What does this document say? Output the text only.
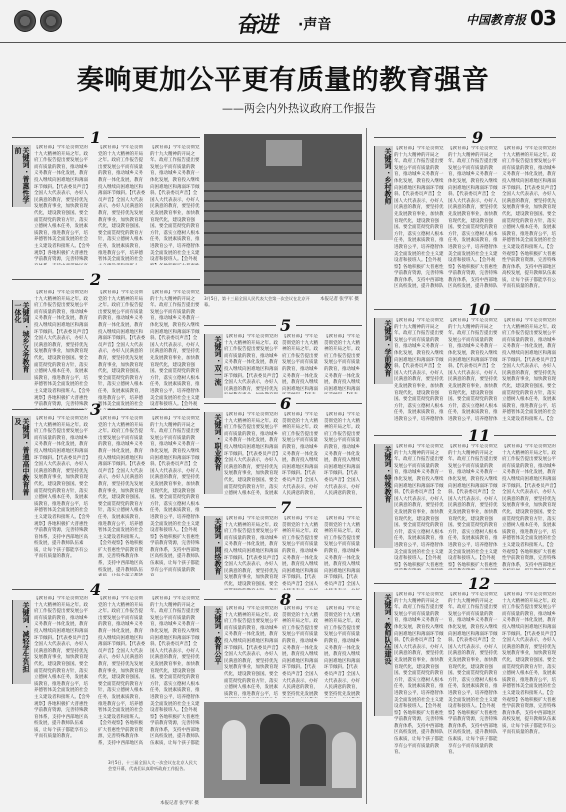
奋进 ·声音	中国教育报 03
奏响更加公平更有质量的教育强音
——两会内外热议政府工作报告
1
关键词 · 普惠性学前	【教育部】今年是贯彻党的十九大精神的开局之年。政府工作报告提出要发展公平而有质量的教育，推动城乡义务教育一体化发展，教育投入继续向困难地区和薄弱环节倾斜。【代表委员声音】全国人大代表表示，办好人民满意的教育，要坚持优先发展教育事业，加快教育现代化，建设教育强国。要全面贯彻党的教育方针，落实立德树人根本任务，发展素质教育，推进教育公平，培养德智体美全面发展的社会主义建设者和接班人。【会外观察】各地积极扩大普惠性学前教育资源，完善特殊教
【教育部】今年是贯彻党的十九大精神的开局之年。政府工作报告提出要发展公平而有质量的教育，推动城乡义务教育一体化发展，教育投入继续向困难地区和薄弱环节倾斜。【代表委员声音】全国人大代表表示，办好人民满意的教育，要坚持优先发展教育事业，加快教育现代化，建设教育强国。要全面贯彻党的教育方针，落实立德树人根本任务，发展素质教育，推进教育公平，培养德智体美全面发展的社会
【教育部】今年是贯彻党的十九大精神的开局之年。政府工作报告提出要发展公平而有质量的教育，推动城乡义务教育一体化发展，教育投入继续向困难地区和薄弱环节倾斜。【代表委员声音】全国人大代表表示，办好人民满意的教育，要坚持优先发展教育事业，加快教育现代化，建设教育强国。要全面贯彻党的教育方针，落实立德树人根本任务，发展素质教育，推进教育公平，培养德智体美全面发展的社会主义建设者和接班人。【会外观
3月5日，第十三届全国人民代表大会第一次会议在北京开幕。
本报记者 张学军 摄
2
关键词 · 城乡义务教育一体化
【教育部】今年是贯彻党的十九大精神的开局之年。政府工作报告提出要发展公平而有质量的教育，推动城乡义务教育一体化发展，教育投入继续向困难地区和薄弱环节倾斜。【代表委员声音】全国人大代表表示，办好人民满意的教育，要坚持优先发展教育事业，加快教育现代化，建设教育强国。要全面贯彻党的教育方针，落实立德树人根本任务，发展素质教育，推进教育公平，培养德智体美全面发展的社会主义建设者和接班人。【会外观察】各地积极扩大普惠性学前教育资源，完善特殊教
【教育部】今年是贯彻党的十九大精神的开局之年。政府工作报告提出要发展公平而有质量的教育，推动城乡义务教育一体化发展，教育投入继续向困难地区和薄弱环节倾斜。【代表委员声音】全国人大代表表示，办好人民满意的教育，要坚持优先发展教育事业，加快教育现代化，建设教育强国。要全面贯彻党的教育方针，落实立德树人根本任务，发展素质教育，推进教育公平，培养德智体美全面发展的社会
【教育部】今年是贯彻党的十九大精神的开局之年。政府工作报告提出要发展公平而有质量的教育，推动城乡义务教育一体化发展，教育投入继续向困难地区和薄弱环节倾斜。【代表委员声音】全国人大代表表示，办好人民满意的教育，要坚持优先发展教育事业，加快教育现代化，建设教育强国。要全面贯彻党的教育方针，落实立德树人根本任务，发展素质教育，推进教育公平，培养德智体美全面发展的社会主义建设者和接班人。【会外观
5
关键词 · 双一流 【教育部】今年是贯彻党的十九大精神的开局之年。政府工作报告提出要发展公平而有质量的教育，推动城乡义务教育一体化发展，教育投入继续向困难地区和薄弱环节倾斜。【代表委员声音】全国人大代表表示，办好人民满意的教育，要坚持优先
【教育部】今年是贯彻党的十九大精神的开局之年。政府工作报告提出要发展公平而有质量的教育，推动城乡义务教育一体化发展，教育投入继续向困难地区和薄弱
【教育部】今年是贯彻党的十九大精神的开局之年。政府工作报告提出要发展公平而有质量的教育，推动城乡义务教育一体化发展，教育投入继续向困难地区和薄弱
6
关键词 · 职业教育 【教育部】今年是贯彻党的十九大精神的开局之年。政府工作报告提出要发展公平而有质量的教育，推动城乡义务教育一体化发展，教育投入继续向困难地区和薄弱环节倾斜。【代表委员声音】全国人大代表表示，办好人民满意的教育，要坚持优先发展教育事业，加快教育现代化，建设教育强国。要全面贯彻党的教育方针，落实立德树人根本任务，发展素
【教育部】今年是贯彻党的十九大精神的开局之年。政府工作报告提出要发展公平而有质量的教育，推动城乡义务教育一体化发展，教育投入继续向困难地区和薄弱环节倾斜。【代表委员声音】全国人大代表表示，办好人民满意的教育，
【教育部】今年是贯彻党的十九大精神的开局之年。政府工作报告提出要发展公平而有质量的教育，推动城乡义务教育一体化发展，教育投入继续向困难地区和薄弱环节倾斜。【代表委员声音】全国人大代表表示，办好人民满意的教育，
3
关键词 · 普通高中教育普及	【教育部】今年是贯彻党的十九大精神的开局之年。政府工作报告提出要发展公平而有质量的教育，推动城乡义务教育一体化发展，教育投入继续向困难地区和薄弱环节倾斜。【代表委员声音】全国人大代表表示，办好人民满意的教育，要坚持优先发展教育事业，加快教育现代化，建设教育强国。要全面贯彻党的教育方针，落实立德树人根本任务，发展素质教育，推进教育公平，培养德智体美全面发展的社会主义建设者和接班人。【会外观察】各地积极扩大普惠性学前教育资源，完善特殊教育体系，支持中西部地区高校发展，提升教师队伍素质，让每个孩子都能享有公平而有质量的教育。
【教育部】今年是贯彻党的十九大精神的开局之年。政府工作报告提出要发展公平而有质量的教育，推动城乡义务教育一体化发展，教育投入继续向困难地区和薄弱环节倾斜。【代表委员声音】全国人大代表表示，办好人民满意的教育，要坚持优先发展教育事业，加快教育现代化，建设教育强国。要全面贯彻党的教育方针，落实立德树人根本任务，发展素质教育，推进教育公平，培养德智体美全面发展的社会主义建设者和接班人。【会外观察】各地积极扩大普惠性学前教育资源，完善特殊教育体系，支持中西部地区高校发展，提升教师队伍
【教育部】今年是贯彻党的十九大精神的开局之年。政府工作报告提出要发展公平而有质量的教育，推动城乡义务教育一体化发展，教育投入继续向困难地区和薄弱环节倾斜。【代表委员声音】全国人大代表表示，办好人民满意的教育，要坚持优先发展教育事业，加快教育现代化，建设教育强国。要全面贯彻党的教育方针，落实立德树人根本任务，发展素质教育，推进教育公平，培养德智体美全面发展的社会主义建设者和接班人。【会外观察】各地积极扩大普惠性学前教育资源，完善特殊教育体系，支持中西部地区高校发展，提升教师队伍素质，让每个孩子都能享有公平而有质量的教
7
关键词 · 网络教育 【教育部】今年是贯彻党的十九大精神的开局之年。政府工作报告提出要发展公平而有质量的教育，推动城乡义务教育一体化发展，教育投入继续向困难地区和薄弱环节倾斜。【代表委员声音】全国人大代表表示，办好人民满意的教育，要坚持优先发展教育事业，加快教育现代化，建设教育强国。要全
【教育部】今年是贯彻党的十九大精神的开局之年。政府工作报告提出要发展公平而有质量的教育，推动城乡义务教育一体化发展，教育投入继续向困难地区和薄弱环节倾斜。【代表委员声音】全国人
【教育部】今年是贯彻党的十九大精神的开局之年。政府工作报告提出要发展公平而有质量的教育，推动城乡义务教育一体化发展，教育投入继续向困难地区和薄弱环节倾斜。【代表委员声音】全国人
4
关键词 · 减轻学生负担
【教育部】今年是贯彻党的十九大精神的开局之年。政府工作报告提出要发展公平而有质量的教育，推动城乡义务教育一体化发展，教育投入继续向困难地区和薄弱环节倾斜。【代表委员声音】全国人大代表表示，办好人民满意的教育，要坚持优先发展教育事业，加快教育现代化，建设教育强国。要全面贯彻党的教育方针，落实立德树人根本任务，发展素质教育，推进教育公平，培养德智体美全面发展的社会主义建设者和接班人。【会外观察】各地积极扩大普惠性学前教育资源，完善特殊教育体系，支持中西部地区高校发展，提升教师队伍素质，让每个孩子都能享有公平而有质量的教育。
【教育部】今年是贯彻党的十九大精神的开局之年。政府工作报告提出要发展公平而有质量的教育，推动城乡义务教育一体化发展，教育投入继续向困难地区和薄弱环节倾斜。【代表委员声音】全国人大代表表示，办好人民满意的教育，要坚持优先发展教育事业，加快教育现代化，建设教育强国。要全面贯彻党的教育方针，落实立德树人根本任务，发展素质教育，推进教育公平，培养德智体美全面发展的社会主义建设者和接班人。【会外观察】各地积极扩大普惠性学前教育资源，完善特殊教育体系，支持中西部地区高
【教育部】今年是贯彻党的十九大精神的开局之年。政府工作报告提出要发展公平而有质量的教育，推动城乡义务教育一体化发展，教育投入继续向困难地区和薄弱环节倾斜。【代表委员声音】全国人大代表表示，办好人民满意的教育，要坚持优先发展教育事业，加快教育现代化，建设教育强国。要全面贯彻党的教育方针，落实立德树人根本任务，发展素质教育，推进教育公平，培养德智体美全面发展的社会主义建设者和接班人。【会外观察】各地积极扩大普惠性学前教育资源，完善特殊教育体系，支持中西部地区高校发展，提升教师队伍素质，让每个孩子都能
3月5日，十三届全国人大一次会议在北京人民大会堂开幕，代表们认真聆听政府工作报告。
8
关键词 · 教育公平 【教育部】今年是贯彻党的十九大精神的开局之年。政府工作报告提出要发展公平而有质量的教育，推动城乡义务教育一体化发展，教育投入继续向困难地区和薄弱环节倾斜。【代表委员声音】全国人大代表表示，办好人民满意的教育，要坚持优先发展教育事业，加快教育现代化，建设教育强国。要全面贯彻党的教育方针，落实立德树人根本任务，发展素质教育，推进教育公平，培
【教育部】今年是贯彻党的十九大精神的开局之年。政府工作报告提出要发展公平而有质量的教育，推动城乡义务教育一体化发展，教育投入继续向困难地区和薄弱环节倾斜。【代表委员声音】全国人大代表表示，办好人民满意的教育，要坚持优先发展教
【教育部】今年是贯彻党的十九大精神的开局之年。政府工作报告提出要发展公平而有质量的教育，推动城乡义务教育一体化发展，教育投入继续向困难地区和薄弱环节倾斜。【代表委员声音】全国人大代表表示，办好人民满意的教育，要坚持优先发展教
本报记者 张学军 摄
9
关键词 · 乡村教师 【教育部】今年是贯彻党的十九大精神的开局之年。政府工作报告提出要发展公平而有质量的教育，推动城乡义务教育一体化发展，教育投入继续向困难地区和薄弱环节倾斜。【代表委员声音】全国人大代表表示，办好人民满意的教育，要坚持优先发展教育事业，加快教育现代化，建设教育强国。要全面贯彻党的教育方针，落实立德树人根本任务，发展素质教育，推进教育公平，培养德智体美全面发展的社会主义建设者和接班人。【会外观察】各地积极扩大普惠性学前教育资源，完善特殊教育体系，支持中西部地区高校发展，提升教师队
【教育部】今年是贯彻党的十九大精神的开局之年。政府工作报告提出要发展公平而有质量的教育，推动城乡义务教育一体化发展，教育投入继续向困难地区和薄弱环节倾斜。【代表委员声音】全国人大代表表示，办好人民满意的教育，要坚持优先发展教育事业，加快教育现代化，建设教育强国。要全面贯彻党的教育方针，落实立德树人根本任务，发展素质教育，推进教育公平，培养德智体美全面发展的社会主义建设者和接班人。【会外观察】各地积极扩大普惠性学前教育资源，完善特殊教育体系，支持中西部地区高校发展，提升教师队
【教育部】今年是贯彻党的十九大精神的开局之年。政府工作报告提出要发展公平而有质量的教育，推动城乡义务教育一体化发展，教育投入继续向困难地区和薄弱环节倾斜。【代表委员声音】全国人大代表表示，办好人民满意的教育，要坚持优先发展教育事业，加快教育现代化，建设教育强国。要全面贯彻党的教育方针，落实立德树人根本任务，发展素质教育，推进教育公平，培养德智体美全面发展的社会主义建设者和接班人。【会外观察】各地积极扩大普惠性学前教育资源，完善特殊教育体系，支持中西部地区高校发展，提升教师队伍素质，让每个孩子都能享有公平而有质量的教育。
10
关键词 · 学前教育 【教育部】今年是贯彻党的十九大精神的开局之年。政府工作报告提出要发展公平而有质量的教育，推动城乡义务教育一体化发展，教育投入继续向困难地区和薄弱环节倾斜。【代表委员声音】全国人大代表表示，办好人民满意的教育，要坚持优先发展教育事业，加快教育现代化，建设教育强国。要全面贯彻党的教育方针，落实立德树人根本任务，发展素质教育，推进教育公平，培养德智体
【教育部】今年是贯彻党的十九大精神的开局之年。政府工作报告提出要发展公平而有质量的教育，推动城乡义务教育一体化发展，教育投入继续向困难地区和薄弱环节倾斜。【代表委员声音】全国人大代表表示，办好人民满意的教育，要坚持优先发展教育事业，加快教育现代化，建设教育强国。要全面贯彻党的教育方针，落实立德树人根本任务，发展素质教育，推进教育公平，培养德智体
【教育部】今年是贯彻党的十九大精神的开局之年。政府工作报告提出要发展公平而有质量的教育，推动城乡义务教育一体化发展，教育投入继续向困难地区和薄弱环节倾斜。【代表委员声音】全国人大代表表示，办好人民满意的教育，要坚持优先发展教育事业，加快教育现代化，建设教育强国。要全面贯彻党的教育方针，落实立德树人根本任务，发展素质教育，推进教育公平，培养德智体美全面发展的社会主义建设者和接班人。【会
11
关键词 · 特殊教育 【教育部】今年是贯彻党的十九大精神的开局之年。政府工作报告提出要发展公平而有质量的教育，推动城乡义务教育一体化发展，教育投入继续向困难地区和薄弱环节倾斜。【代表委员声音】全国人大代表表示，办好人民满意的教育，要坚持优先发展教育事业，加快教育现代化，建设教育强国。要全面贯彻党的教育方针，落实立德树人根本任务，发展素质教育，推进教育公平，培养德智体美全面发展的社会主义建设者和接班人。【会外观察】各地积极扩大普惠性
【教育部】今年是贯彻党的十九大精神的开局之年。政府工作报告提出要发展公平而有质量的教育，推动城乡义务教育一体化发展，教育投入继续向困难地区和薄弱环节倾斜。【代表委员声音】全国人大代表表示，办好人民满意的教育，要坚持优先发展教育事业，加快教育现代化，建设教育强国。要全面贯彻党的教育方针，落实立德树人根本任务，发展素质教育，推进教育公平，培养德智体美全面发展的社会主义建设者和接班人。【会外观察】各地积极扩大普惠性
【教育部】今年是贯彻党的十九大精神的开局之年。政府工作报告提出要发展公平而有质量的教育，推动城乡义务教育一体化发展，教育投入继续向困难地区和薄弱环节倾斜。【代表委员声音】全国人大代表表示，办好人民满意的教育，要坚持优先发展教育事业，加快教育现代化，建设教育强国。要全面贯彻党的教育方针，落实立德树人根本任务，发展素质教育，推进教育公平，培养德智体美全面发展的社会主义建设者和接班人。【会外观察】各地积极扩大普惠性学前教育资源，完善特殊教育体系，支持中西部地区
12
关键词 · 教师队伍建设 【教育部】今年是贯彻党的十九大精神的开局之年。政府工作报告提出要发展公平而有质量的教育，推动城乡义务教育一体化发展，教育投入继续向困难地区和薄弱环节倾斜。【代表委员声音】全国人大代表表示，办好人民满意的教育，要坚持优先发展教育事业，加快教育现代化，建设教育强国。要全面贯彻党的教育方针，落实立德树人根本任务，发展素质教育，推进教育公平，培养德智体美全面发展的社会主义建设者和接班人。【会外观察】各地积极扩大普惠性学前教育资源，完善特殊教育体系，支持中西部地区高校发展，提升教师队伍素质，让每个孩子都能享有公平而有质量的教育。
【教育部】今年是贯彻党的十九大精神的开局之年。政府工作报告提出要发展公平而有质量的教育，推动城乡义务教育一体化发展，教育投入继续向困难地区和薄弱环节倾斜。【代表委员声音】全国人大代表表示，办好人民满意的教育，要坚持优先发展教育事业，加快教育现代化，建设教育强国。要全面贯彻党的教育方针，落实立德树人根本任务，发展素质教育，推进教育公平，培养德智体美全面发展的社会主义建设者和接班人。【会外观察】各地积极扩大普惠性学前教育资源，完善特殊教育体系，支持中西部地区高校发展，提升教师队伍素质，让每个孩子都能享有公平而有质量的教育。
【教育部】今年是贯彻党的十九大精神的开局之年。政府工作报告提出要发展公平而有质量的教育，推动城乡义务教育一体化发展，教育投入继续向困难地区和薄弱环节倾斜。【代表委员声音】全国人大代表表示，办好人民满意的教育，要坚持优先发展教育事业，加快教育现代化，建设教育强国。要全面贯彻党的教育方针，落实立德树人根本任务，发展素质教育，推进教育公平，培养德智体美全面发展的社会主义建设者和接班人。【会外观察】各地积极扩大普惠性学前教育资源，完善特殊教育体系，支持中西部地区高校发展，提升教师队伍素质，让每个孩子都能享有公平而有质量的教育。
